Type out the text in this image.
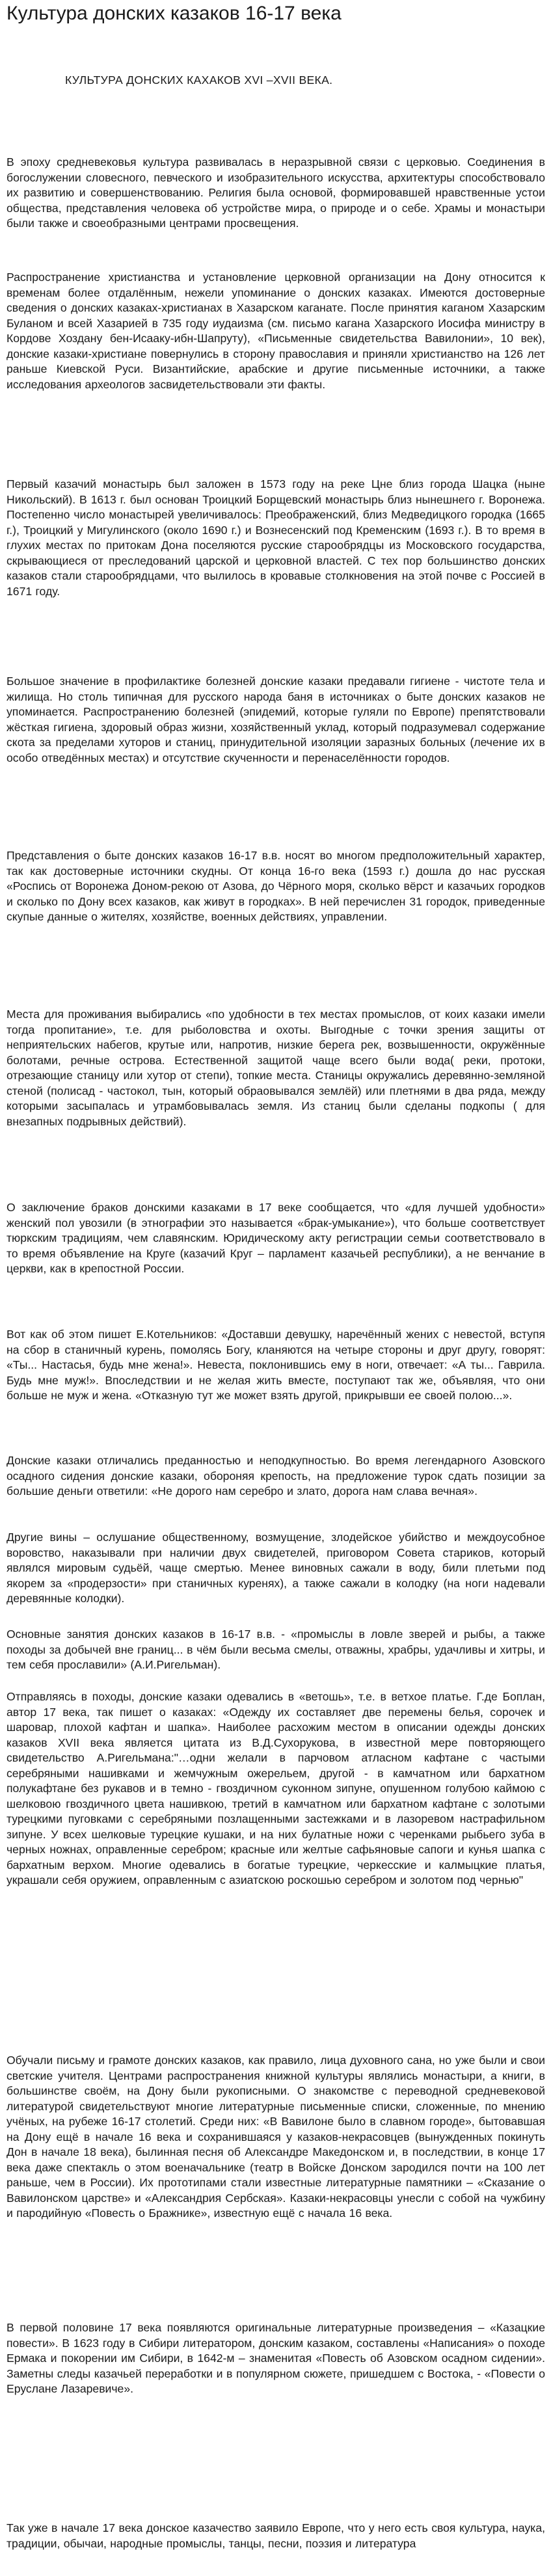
Культура донских казаков 16-17 века

КУЛЬТУРА ДОНСКИХ КАХАКОВ XVI –XVII ВЕКА.

В эпоху средневековья культура развивалась в неразрывной связи с церковью. Соединения в богослужении словесного, певческого и изобразительного искусства, архитектуры способствовало их развитию и совершенствованию. Религия была основой, формировавшей нравственные устои общества, представления человека об устройстве мира, о природе и о себе. Храмы и монастыри были также и своеобразными центрами просвещения.

Распространение христианства и установление церковной организации на Дону относится к временам более отдалённым, нежели упоминание о донских казаках. Имеются достоверные сведения о донских казаках-христианах в Хазарском каганате. После принятия каганом Хазарским Буланом и всей Хазарией в 735 году иудаизма (см. письмо кагана Хазарского Иосифа министру в Кордове Хоздану бен-Исааку-ибн-Шапруту), «Письменные свидетельства Вавилонии», 10 век), донские казаки-христиане повернулись в сторону православия и приняли христианство на 126 лет раньше Киевской Руси. Византийские, арабские и другие письменные источники, а также исследования археологов засвидетельствовали эти факты.

Первый казачий монастырь был заложен в 1573 году на реке Цне близ города Шацка (ныне Никольский). В 1613 г. был основан Троицкий Борщевский монастырь близ нынешнего г. Воронежа. Постепенно число монастырей увеличивалось: Преображенский, близ Медведицкого городка (1665 г.), Троицкий у Мигулинского (около 1690 г.) и Вознесенский под Кременским (1693 г.). В то время в глухих местах по притокам Дона поселяются русские старообрядцы из Московского государства, скрывающиеся от преследований царской и церковной властей. С тех пор большинство донских казаков стали старообрядцами, что вылилось в кровавые столкновения на этой почве с Россией в 1671 году.

Большое значение в профилактике болезней донские казаки предавали гигиене - чистоте тела и жилища. Но столь типичная для русского народа баня в источниках о быте донских казаков не упоминается. Распространению болезней (эпидемий, которые гуляли по Европе) препятствовали жёсткая гигиена, здоровый образ жизни, хозяйственный уклад, который подразумевал содержание скота за пределами хуторов и станиц, принудительной изоляции заразных больных (лечение их в особо отведённых местах) и отсутствие скученности и перенаселённости городов.

Представления о быте донских казаков 16-17 в.в. носят во многом предположительный характер, так как достоверные источники скудны. От конца 16-го века (1593 г.) дошла до нас русская «Роспись от Воронежа Доном-рекою от Азова, до Чёрного моря, сколько вёрст и казачьих городков и сколько по Дону всех казаков, как живут в городках». В ней перечислен 31 городок, приведенные скупые данные о жителях, хозяйстве, военных действиях, управлении.

Места для проживания выбирались «по удобности в тех местах промыслов, от коих казаки имели тогда пропитание», т.е. для рыболовства и охоты. Выгодные с точки зрения защиты от неприятельских набегов, крутые или, напротив, низкие берега рек, возвышенности, окружённые болотами, речные острова. Естественной защитой чаще всего были вода( реки, протоки, отрезающие станицу или хутор от степи), топкие места. Станицы окружались деревянно-земляной стеной (полисад - частокол, тын, который обраовывался землёй) или плетнями в два ряда, между которыми засыпалась и утрамбовывалась земля. Из станиц были сделаны подкопы ( для внезапных подрывных действий).

О заключение браков донскими казаками в 17 веке сообщается, что «для лучшей удобности» женский пол увозили (в этнографии это называется «брак-умыкание»), что больше соответствует тюркским традициям, чем славянским. Юридическому акту регистрации семьи соответствовало в то время объявление на Круге (казачий Круг – парламент казачьей республики), а не венчание в церкви, как в крепостной России.

Вот как об этом пишет Е.Котельников: «Доставши девушку, наречённый жених с невестой, вступя на сбор в станичный курень, помолясь Богу, кланяются на четыре стороны и друг другу, говорят: «Ты... Настасья, будь мне жена!». Невеста, поклонившись ему в ноги, отвечает: «А ты... Гаврила. Будь мне муж!». Впоследствии и не желая жить вместе, поступают так же, объявляя, что они больше не муж и жена. «Отказную тут же может взять другой, прикрывши ее своей полою...».

Донские казаки отличались преданностью и неподкупностью. Во время легендарного Азовского осадного сидения донские казаки, обороняя крепость, на предложение турок сдать позиции за большие деньги ответили: «Не дорого нам серебро и злато, дорога нам слава вечная».

Другие вины – ослушание общественному, возмущение, злодейское убийство и междоусобное воровство, наказывали при наличии двух свидетелей, приговором Совета стариков, который являлся мировым судьёй, чаще смертью. Менее виновных сажали в воду, били плетьми под якорем за «продерзости» при станичных куренях), а также сажали в колодку (на ноги надевали деревянные колодки).

Основные занятия донских казаков в 16-17 в.в. - «промыслы в ловле зверей и рыбы, а также походы за добычей вне границ... в чём были весьма смелы, отважны, храбры, удачливы и хитры, и тем себя прославили» (А.И.Ригельман).

Отправляясь в походы, донские казаки одевались в «ветошь», т.е. в ветхое платье. Г.де Боплан, автор 17 века, так пишет о казаках: «Одежду их составляет две перемены белья, сорочек и шаровар, плохой кафтан и шапка». Наиболее расхожим местом в описании одежды донских казаков XVII века является цитата из В.Д.Сухорукова, в известной мере повторяющего свидетельство А.Ригельмана:"…одни желали в парчовом атласном кафтане с частыми серебряными нашивками и жемчужным ожерельем, другой - в камчатном или бархатном полукафтане без рукавов и в темно - гвоздичном суконном зипуне, опушенном голубою каймою с шелковою гвоздичного цвета нашивкою, третий в камчатном или бархатном кафтане с золотыми турецкими пуговками с серебряными позлащенными застежками и в лазоревом настрафильном зипуне. У всех шелковые турецкие кушаки, и на них булатные ножи с черенками рыбьего зуба в черных ножнах, оправленные серебром; красные или желтые сафьяновые сапоги и кунья шапка с бархатным верхом. Многие одевались в богатые турецкие, черкесские и калмыцкие платья, украшали себя оружием, оправленным с азиатскою роскошью серебром и золотом под чернью"

Обучали письму и грамоте донских казаков, как правило, лица духовного сана, но уже были и свои светские учителя. Центрами распространения книжной культуры являлись монастыри, а книги, в большинстве своём, на Дону были рукописными. О знакомстве с переводной средневековой литературой свидетельствуют многие литературные письменные списки, сложенные, по мнению учёных, на рубеже 16-17 столетий. Среди них: «В Вавилоне было в славном городе», бытовавшая на Дону ещё в начале 16 века и сохранившаяся у казаков-некрасовцев (вынужденных покинуть Дон в начале 18 века), былинная песня об Александре Македонском и, в последствии, в конце 17 века даже спектакль о этом военачальнике (театр в Войске Донском зародился почти на 100 лет раньше, чем в России). Их прототипами стали известные литературные памятники – «Сказание о Вавилонском царстве» и «Александрия Сербская». Казаки-некрасовцы унесли с собой на чужбину и пародийную «Повесть о Бражнике», известную ещё с начала 16 века.

В первой половине 17 века появляются оригинальные литературные произведения – «Казацкие повести». В 1623 году в Сибири литератором, донским казаком, составлены «Написания» о походе Ермака и покорении им Сибири, в 1642-м – знаменитая «Повесть об Азовском осадном сидении». Заметны следы казачьей переработки и в популярном сюжете, пришедшем с Востока, - «Повести о Еруслане Лазаревиче».

Так уже в начале 17 века донское казачество заявило Европе, что у него есть своя культура, наука, традиции, обычаи, народные промыслы, танцы, песни, поэзия и литература
